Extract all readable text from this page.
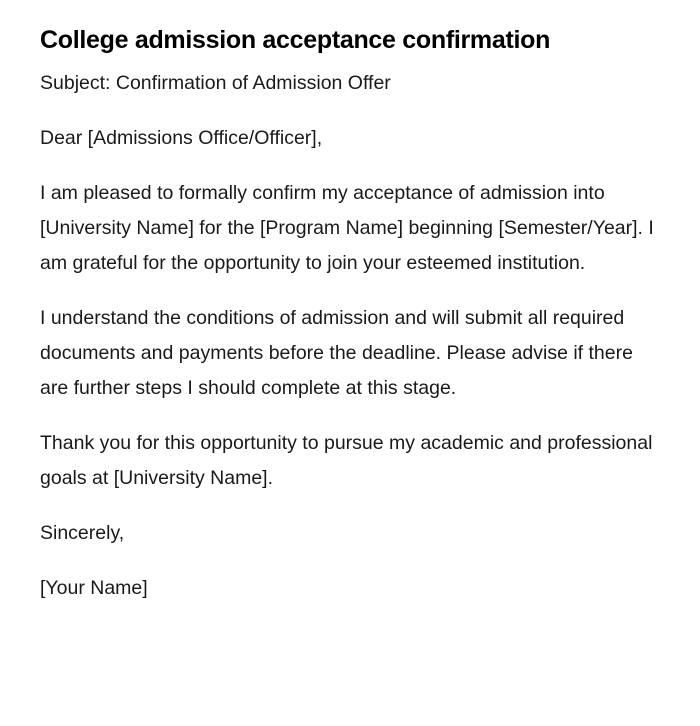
College admission acceptance confirmation

Subject: Confirmation of Admission Offer

Dear [Admissions Office/Officer],

I am pleased to formally confirm my acceptance of admission into [University Name] for the [Program Name] beginning [Semester/Year]. I am grateful for the opportunity to join your esteemed institution.

I understand the conditions of admission and will submit all required documents and payments before the deadline. Please advise if there are further steps I should complete at this stage.

Thank you for this opportunity to pursue my academic and professional goals at [University Name].

Sincerely,

[Your Name]
